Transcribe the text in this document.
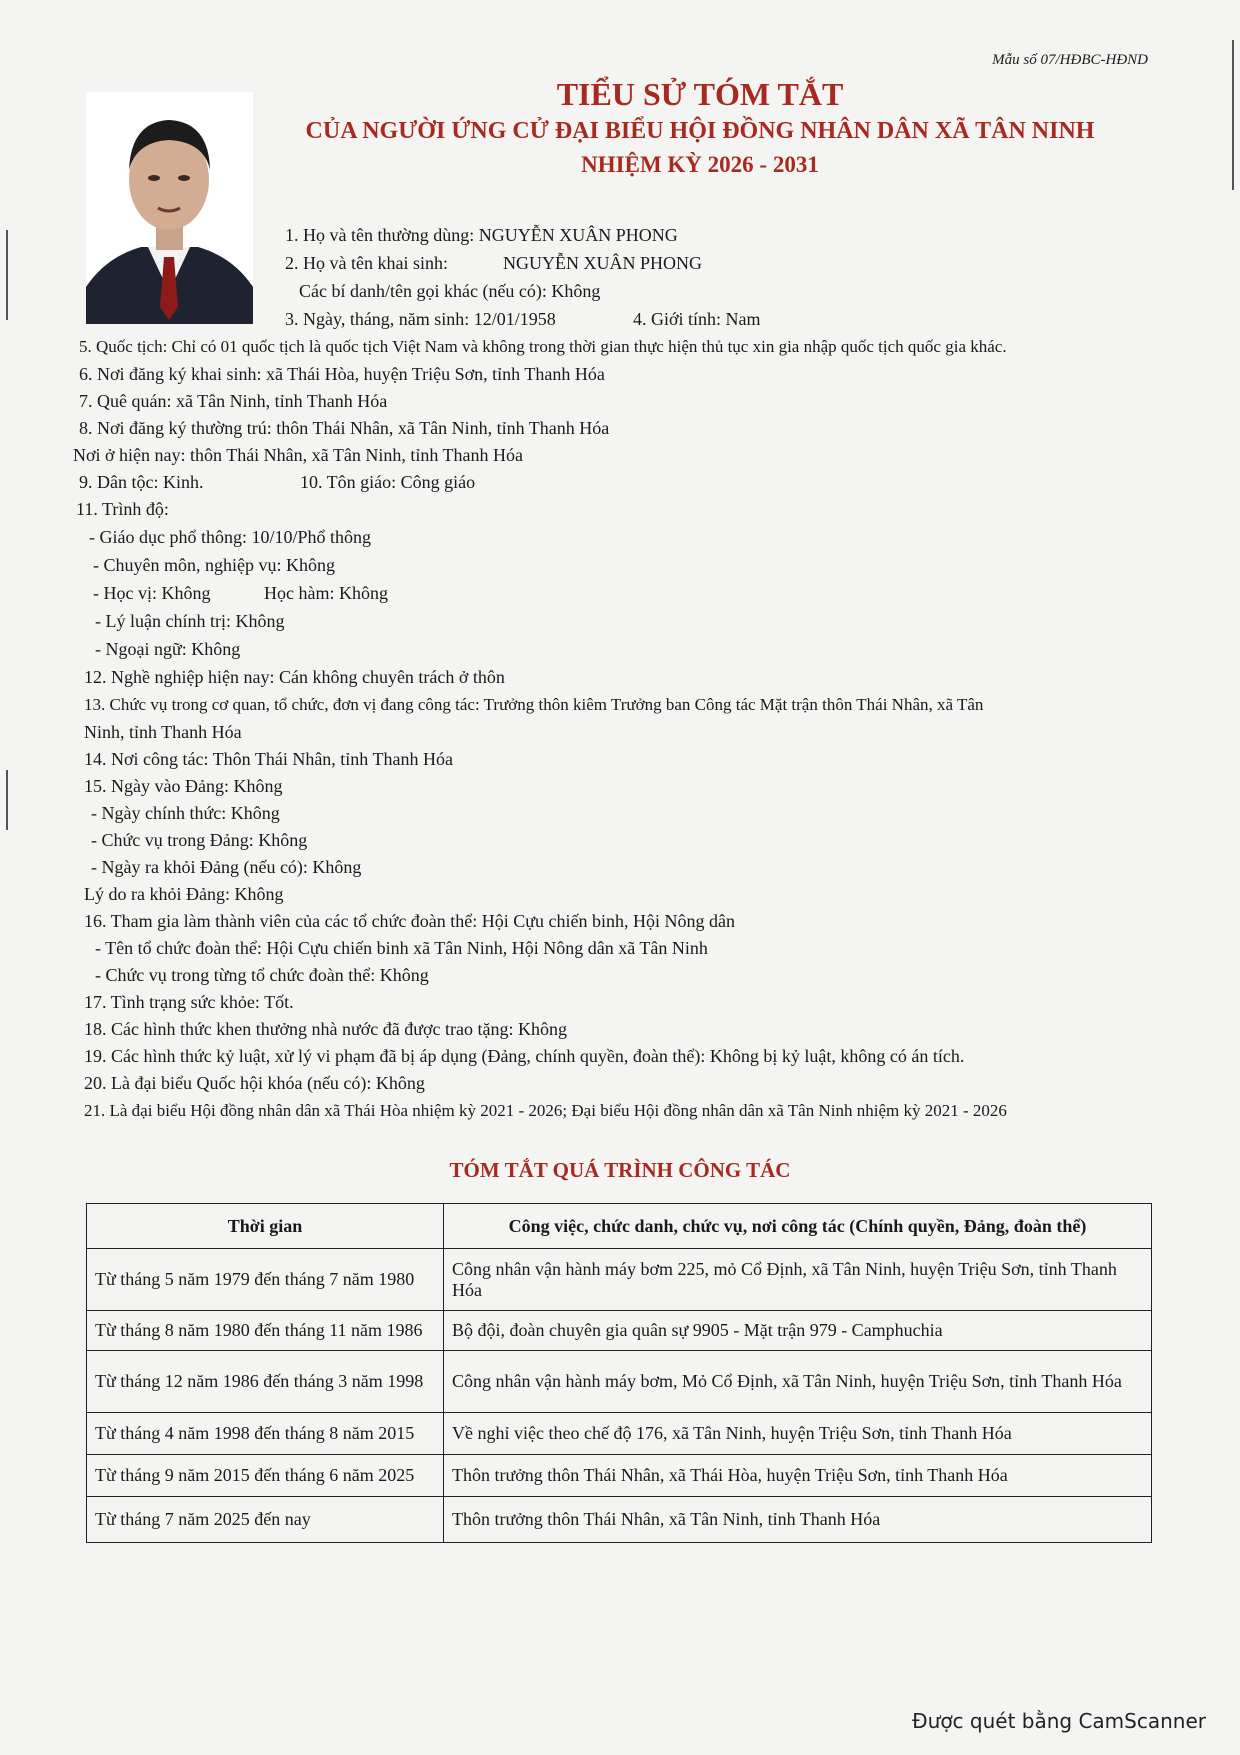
Mẫu số 07/HĐBC-HĐND
TIỂU SỬ TÓM TẮT
CỦA NGƯỜI ỨNG CỬ ĐẠI BIỂU HỘI ĐỒNG NHÂN DÂN XÃ TÂN NINH
NHIỆM KỲ 2026 - 2031
1. Họ và tên thường dùng: NGUYỄN XUÂN PHONG
2. Họ và tên khai sinh:	NGUYỄN XUÂN PHONG
Các bí danh/tên gọi khác (nếu có): Không
3. Ngày, tháng, năm sinh: 12/01/1958	4. Giới tính: Nam
5. Quốc tịch: Chỉ có 01 quốc tịch là quốc tịch Việt Nam và không trong thời gian thực hiện thủ tục xin gia nhập quốc tịch quốc gia khác.
6. Nơi đăng ký khai sinh: xã Thái Hòa, huyện Triệu Sơn, tỉnh Thanh Hóa
7. Quê quán: xã Tân Ninh, tỉnh Thanh Hóa
8. Nơi đăng ký thường trú: thôn Thái Nhân, xã Tân Ninh, tỉnh Thanh Hóa
Nơi ở hiện nay: thôn Thái Nhân, xã Tân Ninh, tỉnh Thanh Hóa
9. Dân tộc: Kinh.	10. Tôn giáo: Công giáo
11. Trình độ:
- Giáo dục phổ thông: 10/10/Phổ thông
- Chuyên môn, nghiệp vụ: Không
- Học vị: Không	Học hàm: Không
- Lý luận chính trị: Không
- Ngoại ngữ: Không
12. Nghề nghiệp hiện nay: Cán không chuyên trách ở thôn
13. Chức vụ trong cơ quan, tổ chức, đơn vị đang công tác: Trưởng thôn kiêm Trưởng ban Công tác Mặt trận thôn Thái Nhân, xã Tân
Ninh, tỉnh Thanh Hóa
14. Nơi công tác: Thôn Thái Nhân, tỉnh Thanh Hóa
15. Ngày vào Đảng: Không
- Ngày chính thức: Không
- Chức vụ trong Đảng: Không
- Ngày ra khỏi Đảng (nếu có): Không
Lý do ra khỏi Đảng: Không
16. Tham gia làm thành viên của các tổ chức đoàn thể: Hội Cựu chiến binh, Hội Nông dân
- Tên tổ chức đoàn thể: Hội Cựu chiến binh xã Tân Ninh, Hội Nông dân xã Tân Ninh
- Chức vụ trong từng tổ chức đoàn thể: Không
17. Tình trạng sức khỏe: Tốt.
18. Các hình thức khen thưởng nhà nước đã được trao tặng: Không
19. Các hình thức kỷ luật, xử lý vi phạm đã bị áp dụng (Đảng, chính quyền, đoàn thể): Không bị kỷ luật, không có án tích.
20. Là đại biểu Quốc hội khóa (nếu có): Không
21. Là đại biểu Hội đồng nhân dân xã Thái Hòa nhiệm kỳ 2021 - 2026; Đại biểu Hội đồng nhân dân xã Tân Ninh nhiệm kỳ 2021 - 2026
TÓM TẮT QUÁ TRÌNH CÔNG TÁC
Thời gian	Công việc, chức danh, chức vụ, nơi công tác (Chính quyền, Đảng, đoàn thể)
Từ tháng 5 năm 1979 đến tháng 7 năm 1980	Công nhân vận hành máy bơm 225, mỏ Cổ Định, xã Tân Ninh, huyện Triệu Sơn, tỉnh Thanh Hóa
Từ tháng 8 năm 1980 đến tháng 11 năm 1986	Bộ đội, đoàn chuyên gia quân sự 9905 - Mặt trận 979 - Camphuchia
Từ tháng 12 năm 1986 đến tháng 3 năm 1998	Công nhân vận hành máy bơm, Mỏ Cổ Định, xã Tân Ninh, huyện Triệu Sơn, tỉnh Thanh Hóa
Từ tháng 4 năm 1998 đến tháng 8 năm 2015	Về nghỉ việc theo chế độ 176, xã Tân Ninh, huyện Triệu Sơn, tỉnh Thanh Hóa
Từ tháng 9 năm 2015 đến tháng 6 năm 2025	Thôn trưởng thôn Thái Nhân, xã Thái Hòa, huyện Triệu Sơn, tỉnh Thanh Hóa
Từ tháng 7 năm 2025 đến nay	Thôn trưởng thôn Thái Nhân, xã Tân Ninh, tỉnh Thanh Hóa
Được quét bằng CamScanner
